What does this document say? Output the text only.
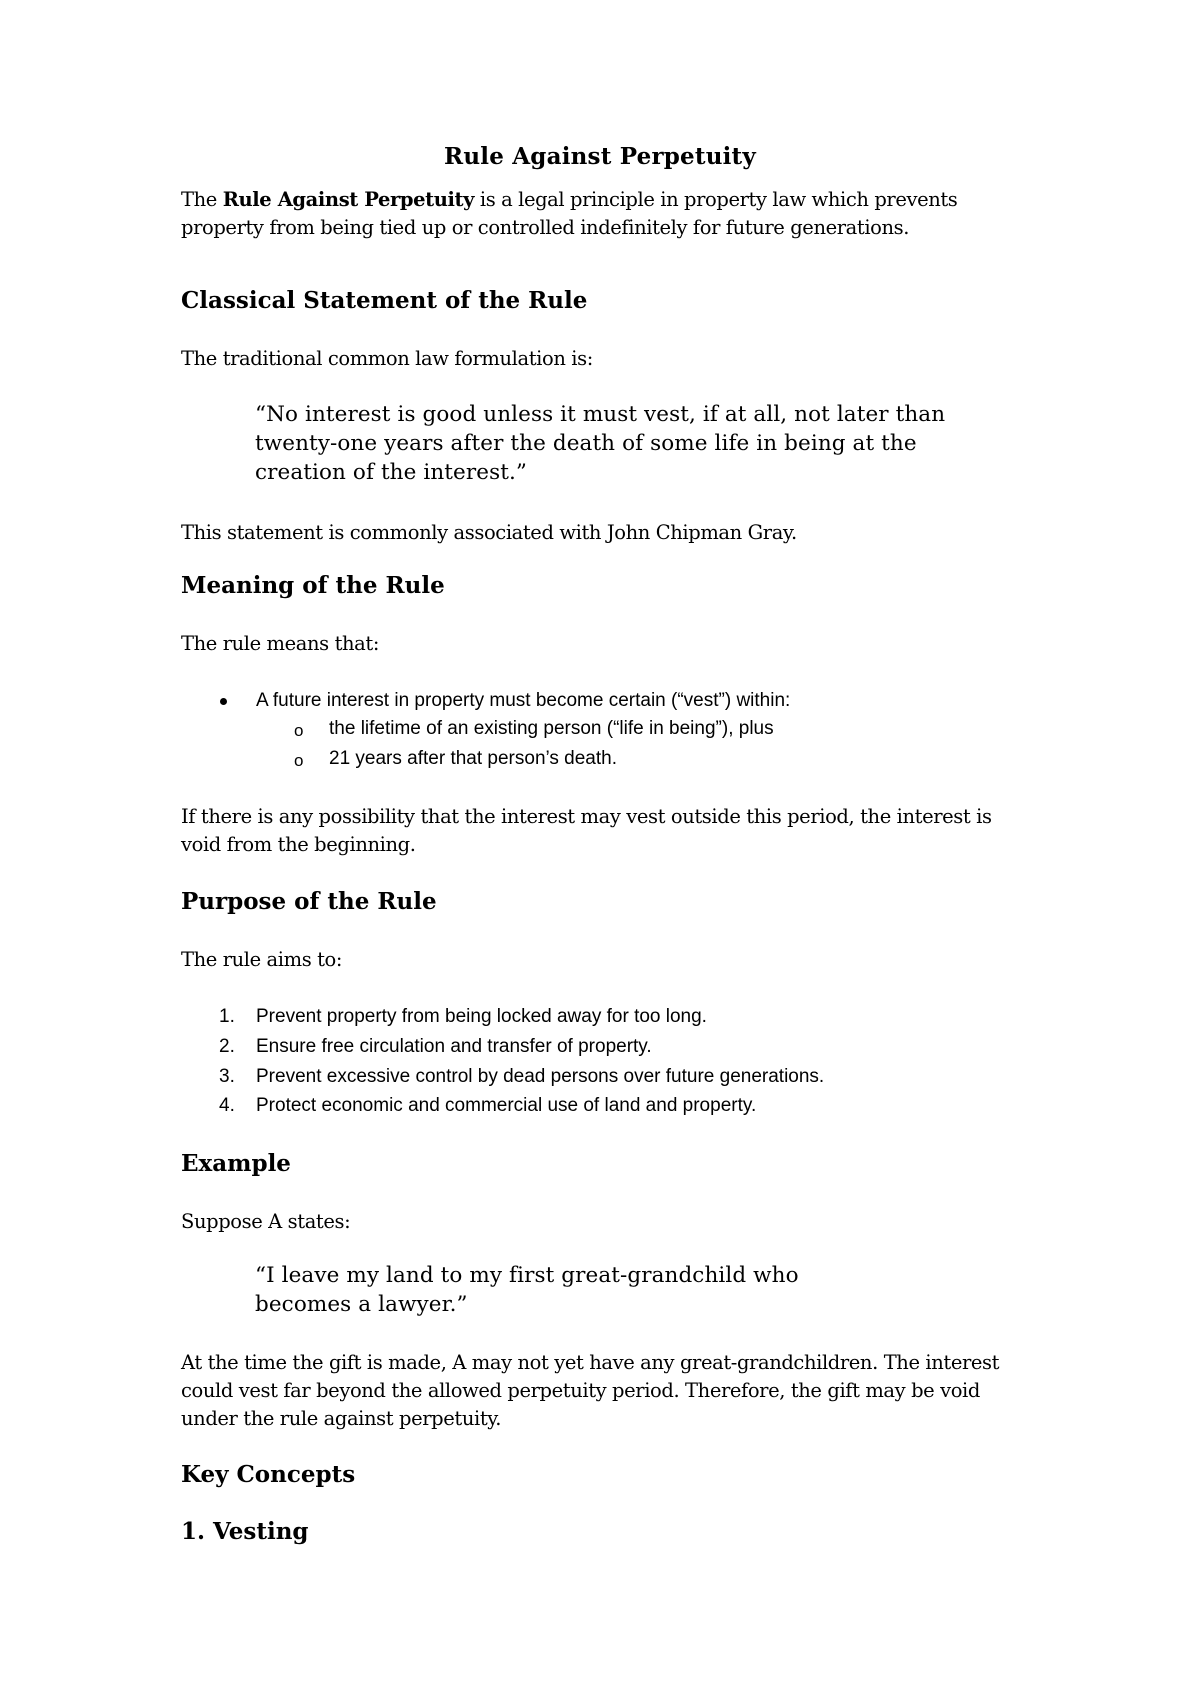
Rule Against Perpetuity

The Rule Against Perpetuity is a legal principle in property law which prevents property from being tied up or controlled indefinitely for future generations.

Classical Statement of the Rule

The traditional common law formulation is:

“No interest is good unless it must vest, if at all, not later than twenty-one years after the death of some life in being at the creation of the interest.”

This statement is commonly associated with John Chipman Gray.

Meaning of the Rule

The rule means that:

A future interest in property must become certain (“vest”) within:
o the lifetime of an existing person (“life in being”), plus
o 21 years after that person’s death.

If there is any possibility that the interest may vest outside this period, the interest is void from the beginning.

Purpose of the Rule

The rule aims to:

1. Prevent property from being locked away for too long.
2. Ensure free circulation and transfer of property.
3. Prevent excessive control by dead persons over future generations.
4. Protect economic and commercial use of land and property.
Example

Suppose A states:

“I leave my land to my first great-grandchild who becomes a lawyer.”

At the time the gift is made, A may not yet have any great-grandchildren. The interest could vest far beyond the allowed perpetuity period. Therefore, the gift may be void under the rule against perpetuity.

Key Concepts
1. Vesting
